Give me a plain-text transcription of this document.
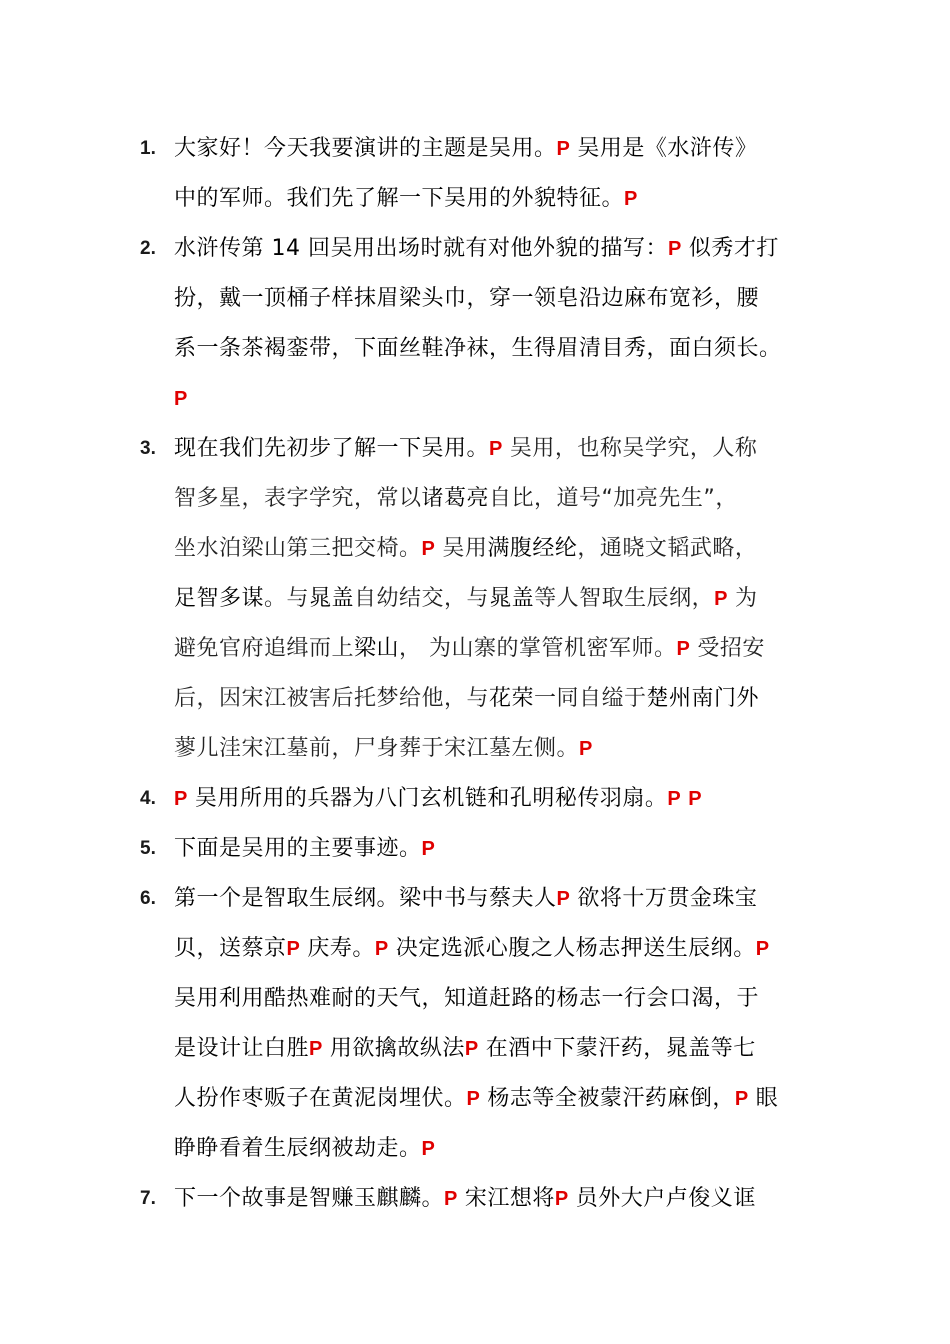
1. 大家好！今天我要演讲的主题是吴用。P 吴用是《水浒传》
中的军师。我们先了解一下吴用的外貌特征。P
2. 水浒传第 14 回吴用出场时就有对他外貌的描写：P 似秀才打
扮，戴一顶桶子样抹眉梁头巾，穿一领皂沿边麻布宽衫，腰
系一条茶褐銮带，下面丝鞋净袜，生得眉清目秀，面白须长。
P
3. 现在我们先初步了解一下吴用。P 吴用，也称吴学究，人称
智多星，表字学究，常以诸葛亮自比，道号“加亮先生”，
坐水泊梁山第三把交椅。P 吴用满腹经纶，通晓文韬武略，
足智多谋。与晁盖自幼结交，与晁盖等人智取生辰纲，P 为
避免官府追缉而上梁山， 为山寨的掌管机密军师。P 受招安
后，因宋江被害后托梦给他，与花荣一同自缢于楚州南门外
蓼儿洼宋江墓前，尸身葬于宋江墓左侧。P
4. P 吴用所用的兵器为八门玄机链和孔明秘传羽扇。P P
5. 下面是吴用的主要事迹。P
6. 第一个是智取生辰纲。梁中书与蔡夫人P 欲将十万贯金珠宝
贝，送蔡京P 庆寿。P 决定选派心腹之人杨志押送生辰纲。P
吴用利用酷热难耐的天气，知道赶路的杨志一行会口渴，于
是设计让白胜P 用欲擒故纵法P 在酒中下蒙汗药，晁盖等七
人扮作枣贩子在黄泥岗埋伏。P 杨志等全被蒙汗药麻倒，P 眼
睁睁看着生辰纲被劫走。P
7. 下一个故事是智赚玉麒麟。P 宋江想将P 员外大户卢俊义诓
